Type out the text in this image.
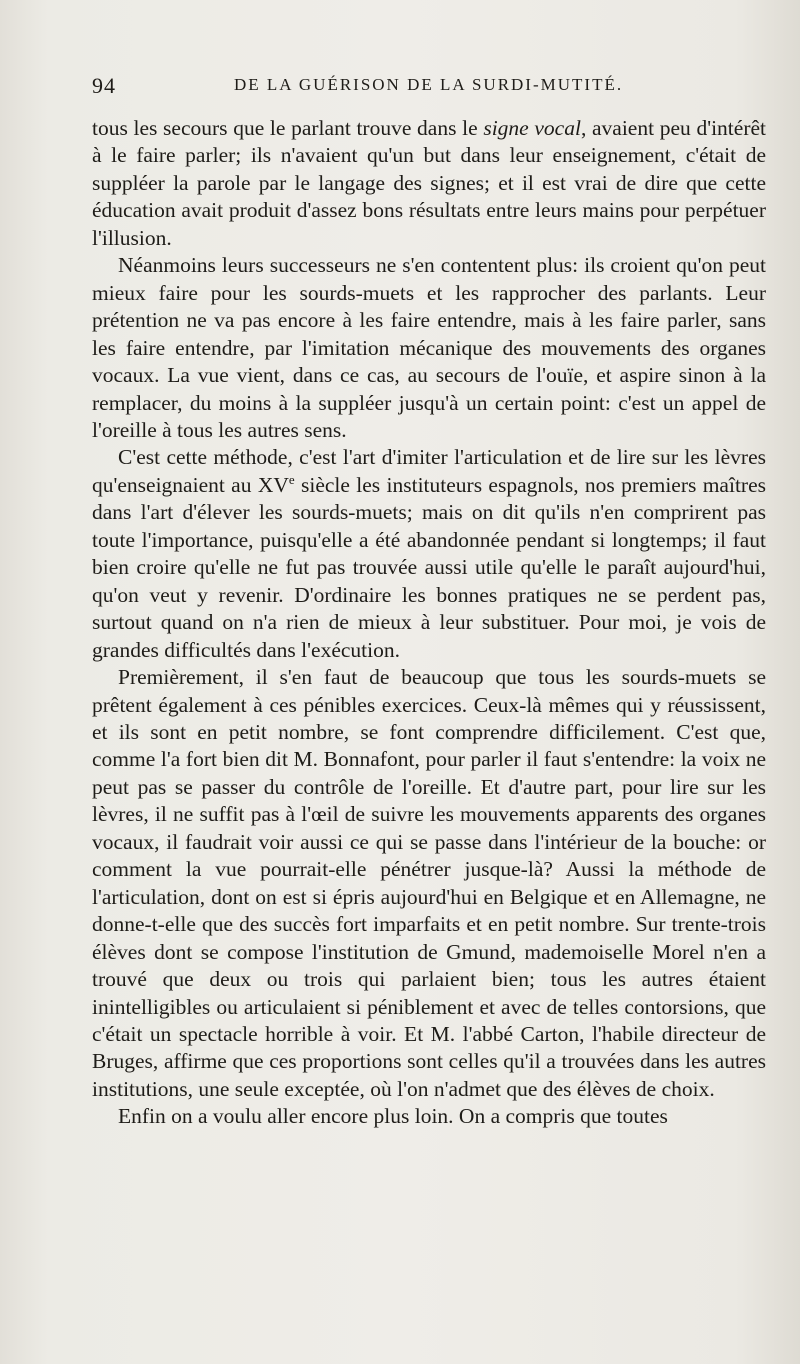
94	DE LA GUÉRISON DE LA SURDI-MUTITÉ.

tous les secours que le parlant trouve dans le signe vocal, avaient peu d'intérêt à le faire parler; ils n'avaient qu'un but dans leur enseignement, c'était de suppléer la parole par le langage des signes; et il est vrai de dire que cette éducation avait produit d'assez bons résultats entre leurs mains pour perpétuer l'illusion.

Néanmoins leurs successeurs ne s'en contentent plus: ils croient qu'on peut mieux faire pour les sourds-muets et les rapprocher des parlants. Leur prétention ne va pas encore à les faire entendre, mais à les faire parler, sans les faire entendre, par l'imitation mécanique des mouvements des organes vocaux. La vue vient, dans ce cas, au secours de l'ouïe, et aspire sinon à la remplacer, du moins à la suppléer jusqu'à un certain point: c'est un appel de l'oreille à tous les autres sens.

C'est cette méthode, c'est l'art d'imiter l'articulation et de lire sur les lèvres qu'enseignaient au XVe siècle les instituteurs espagnols, nos premiers maîtres dans l'art d'élever les sourds-muets; mais on dit qu'ils n'en comprirent pas toute l'importance, puisqu'elle a été abandonnée pendant si longtemps; il faut bien croire qu'elle ne fut pas trouvée aussi utile qu'elle le paraît aujourd'hui, qu'on veut y revenir. D'ordinaire les bonnes pratiques ne se perdent pas, surtout quand on n'a rien de mieux à leur substituer. Pour moi, je vois de grandes difficultés dans l'exécution.

Premièrement, il s'en faut de beaucoup que tous les sourds-muets se prêtent également à ces pénibles exercices. Ceux-là mêmes qui y réussissent, et ils sont en petit nombre, se font comprendre difficilement. C'est que, comme l'a fort bien dit M. Bonnafont, pour parler il faut s'entendre: la voix ne peut pas se passer du contrôle de l'oreille. Et d'autre part, pour lire sur les lèvres, il ne suffit pas à l'œil de suivre les mouvements apparents des organes vocaux, il faudrait voir aussi ce qui se passe dans l'intérieur de la bouche: or comment la vue pourrait-elle pénétrer jusque-là? Aussi la méthode de l'articulation, dont on est si épris aujourd'hui en Belgique et en Allemagne, ne donne-t-elle que des succès fort imparfaits et en petit nombre. Sur trente-trois élèves dont se compose l'institution de Gmund, mademoiselle Morel n'en a trouvé que deux ou trois qui parlaient bien; tous les autres étaient inintelligibles ou articulaient si péniblement et avec de telles contorsions, que c'était un spectacle horrible à voir. Et M. l'abbé Carton, l'habile directeur de Bruges, affirme que ces proportions sont celles qu'il a trouvées dans les autres institutions, une seule exceptée, où l'on n'admet que des élèves de choix.

Enfin on a voulu aller encore plus loin. On a compris que toutes
